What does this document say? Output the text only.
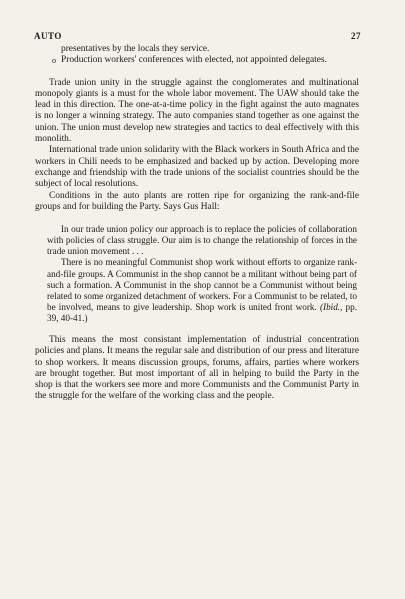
AUTO	27

presentatives by the locals they service.

o Production workers' conferences with elected, not appointed delegates.

Trade union unity in the struggle against the conglomerates and multinational monopoly giants is a must for the whole labor movement. The UAW should take the lead in this direction. The one-at-a-time policy in the fight against the auto magnates is no longer a winning strategy. The auto companies stand together as one against the union. The union must develop new strategies and tactics to deal effectively with this monolith.

International trade union solidarity with the Black workers in South Africa and the workers in Chili needs to be emphasized and backed up by action. Developing more exchange and friendship with the trade unions of the socialist countries should be the subject of local resolutions.

Conditions in the auto plants are rotten ripe for organizing the rank-and-file groups and for building the Party. Says Gus Hall:

In our trade union policy our approach is to replace the policies of collaboration with policies of class struggle. Our aim is to change the relationship of forces in the trade union movement . . .

There is no meaningful Communist shop work without efforts to organize rank-and-file groups. A Communist in the shop cannot be a militant without being part of such a formation. A Communist in the shop cannot be a Communist without being related to some organized detachment of workers. For a Communist to be related, to be involved, means to give leadership. Shop work is united front work. (Ibid., pp. 39, 40-41.)

This means the most consistant implementation of industrial concentration policies and plans. It means the regular sale and distribution of our press and literature to shop workers. It means discussion groups, forums, affairs, parties where workers are brought together. But most important of all in helping to build the Party in the shop is that the workers see more and more Communists and the Communist Party in the struggle for the welfare of the working class and the people.
